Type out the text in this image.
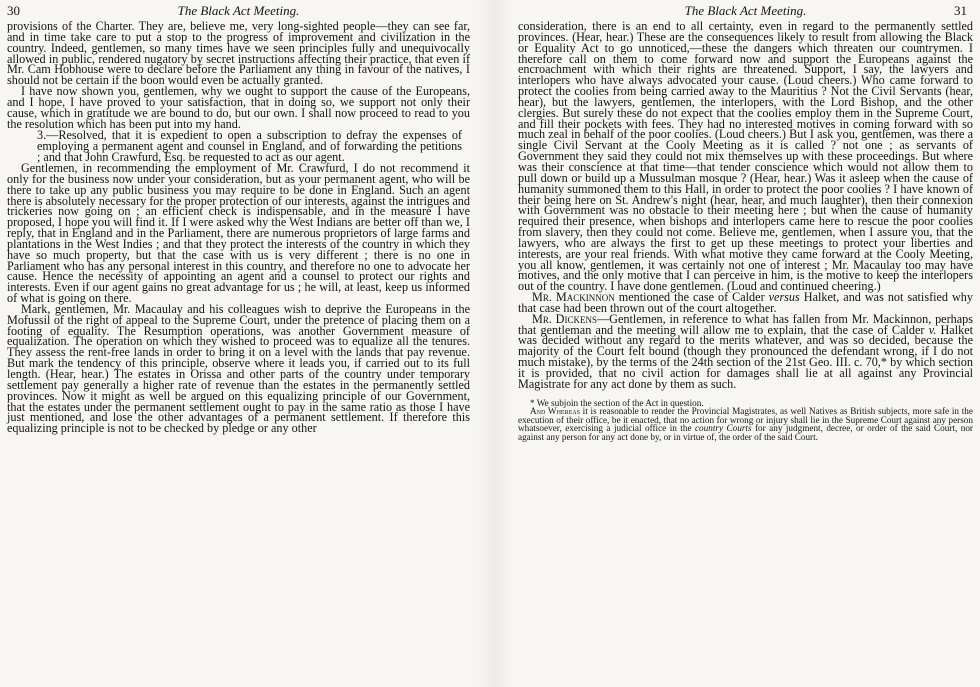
30	The Black Act Meeting.

provisions of the Charter. They are, believe me, very long-sighted people—they can see far, and in time take care to put a stop to the progress of improvement and civilization in the country. Indeed, gentlemen, so many times have we seen principles fully and unequivocally allowed in public, rendered nugatory by secret instructions affecting their practice, that even if Mr. Cam Hobhouse were to declare before the Parliament any thing in favour of the natives, I should not be certain if the boon would even be actually granted.

I have now shown you, gentlemen, why we ought to support the cause of the Europeans, and I hope, I have proved to your satisfaction, that in doing so, we support not only their cause, which in gratitude we are bound to do, but our own. I shall now proceed to read to you the resolution which has been put into my hand.

3.—Resolved, that it is expedient to open a subscription to defray the expenses of employing a permanent agent and counsel in England, and of forwarding the petitions ; and that John Crawfurd, Esq. be requested to act as our agent.

Gentlemen, in recommending the employment of Mr. Crawfurd, I do not recommend it only for the business now under your consideration, but as your permanent agent, who will be there to take up any public business you may require to be done in England. Such an agent there is absolutely necessary for the proper protection of our interests, against the intrigues and trickeries now going on ; an efficient check is indispensable, and in the measure I have proposed, I hope you will find it. If I were asked why the West Indians are better off than we, I reply, that in England and in the Parliament, there are numerous proprietors of large farms and plantations in the West Indies ; and that they protect the interests of the country in which they have so much property, but that the case with us is very different ; there is no one in Parliament who has any personal interest in this country, and therefore no one to advocate her cause. Hence the necessity of appointing an agent and a counsel to protect our rights and interests. Even if our agent gains no great advantage for us ; he will, at least, keep us informed of what is going on there.

Mark, gentlemen, Mr. Macaulay and his colleagues wish to deprive the Europeans in the Mofussil of the right of appeal to the Supreme Court, under the pretence of placing them on a footing of equality. The Resumption operations, was another Government measure of equalization. The operation on which they wished to proceed was to equalize all the tenures. They assess the rent-free lands in order to bring it on a level with the lands that pay revenue. But mark the tendency of this principle, observe where it leads you, if carried out to its full length. (Hear, hear.) The estates in Orissa and other parts of the country under temporary settlement pay generally a higher rate of revenue than the estates in the permanently settled provinces. Now it might as well be argued on this equalizing principle of our Government, that the estates under the permanent settlement ought to pay in the same ratio as those I have just mentioned, and lose the other advantages of a permanent settlement. If therefore this equalizing principle is not to be checked by pledge or any other

The Black Act Meeting.	31

consideration, there is an end to all certainty, even in regard to the permanently settled provinces. (Hear, hear.) These are the consequences likely to result from allowing the Black or Equality Act to go unnoticed,—these the dangers which threaten our countrymen. I therefore call on them to come forward now and support the Europeans against the encroachment with which their rights are threatened. Support, I say, the lawyers and interlopers who have always advocated your cause. (Loud cheers.) Who came forward to protect the coolies from being carried away to the Mauritius ? Not the Civil Servants (hear, hear), but the lawyers, gentlemen, the interlopers, with the Lord Bishop, and the other clergies. But surely these do not expect that the coolies employ them in the Supreme Court, and fill their pockets with fees. They had no interested motives in coming forward with so much zeal in behalf of the poor coolies. (Loud cheers.) But I ask you, gentlemen, was there a single Civil Servant at the Cooly Meeting as it is called ? not one ; as servants of Government they said they could not mix themselves up with these proceedings. But where was their conscience at that time—that tender conscience which would not allow them to pull down or build up a Mussulman mosque ? (Hear, hear.) Was it asleep when the cause of humanity summoned them to this Hall, in order to protect the poor coolies ? I have known of their being here on St. Andrew's night (hear, hear, and much laughter), then their connexion with Government was no obstacle to their meeting here ; but when the cause of humanity required their presence, when bishops and interlopers came here to rescue the poor coolies from slavery, then they could not come. Believe me, gentlemen, when I assure you, that the lawyers, who are always the first to get up these meetings to protect your liberties and interests, are your real friends. With what motive they came forward at the Cooly Meeting, you all know, gentlemen, it was certainly not one of interest ; Mr. Macaulay too may have motives, and the only motive that I can perceive in him, is the motive to keep the interlopers out of the country. I have done gentlemen. (Loud and continued cheering.)

Mr. Mackinnon mentioned the case of Calder versus Halket, and was not satisfied why that case had been thrown out of the court altogether.

Mr. Dickens—Gentlemen, in reference to what has fallen from Mr. Mackinnon, perhaps that gentleman and the meeting will allow me to explain, that the case of Calder v. Halket was decided without any regard to the merits whatever, and was so decided, because the majority of the Court felt bound (though they pronounced the defendant wrong, if I do not much mistake), by the terms of the 24th section of the 21st Geo. III. c. 70,* by which section it is provided, that no civil action for damages shall lie at all against any Provincial Magistrate for any act done by them as such.

* We subjoin the section of the Act in question.

And Whereas it is reasonable to render the Provincial Magistrates, as well Natives as British subjects, more safe in the execution of their office, be it enacted, that no action for wrong or injury shall lie in the Supreme Court against any person whatsoever, exercising a judicial office in the country Courts for any judgment, decree, or order of the said Court, nor against any person for any act done by, or in virtue of, the order of the said Court.
